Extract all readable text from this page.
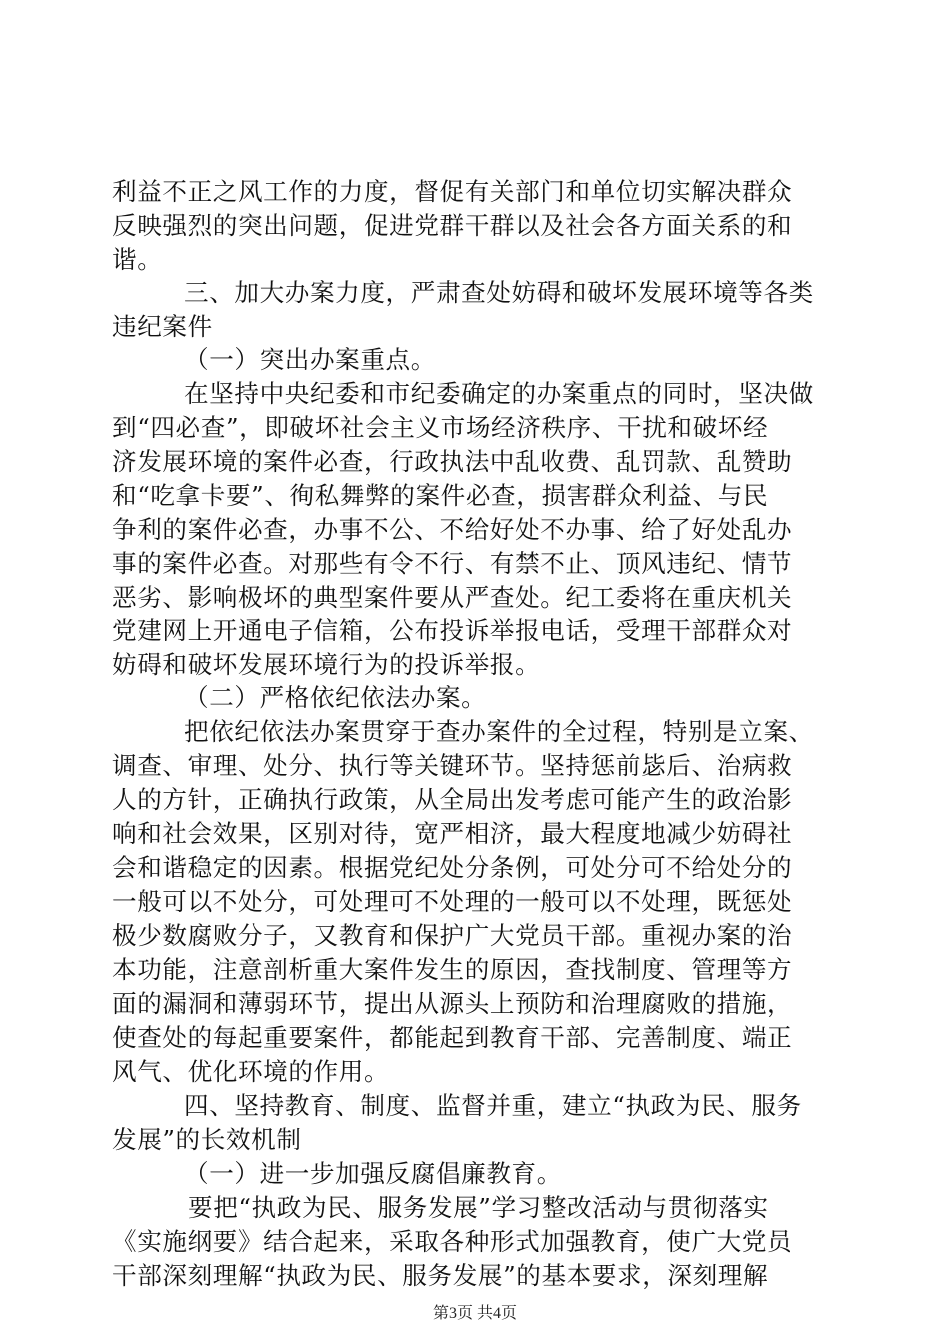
利益不正之风工作的力度，督促有关部门和单位切实解决群众
反映强烈的突出问题，促进党群干群以及社会各方面关系的和
谐。
三、加大办案力度，严肃查处妨碍和破坏发展环境等各类
违纪案件
（一）突出办案重点。
在坚持中央纪委和市纪委确定的办案重点的同时，坚决做
到“四必查”，即破坏社会主义市场经济秩序、干扰和破坏经
济发展环境的案件必查，行政执法中乱收费、乱罚款、乱赞助
和“吃拿卡要”、徇私舞弊的案件必查，损害群众利益、与民
争利的案件必查，办事不公、不给好处不办事、给了好处乱办
事的案件必查。对那些有令不行、有禁不止、顶风违纪、情节
恶劣、影响极坏的典型案件要从严查处。纪工委将在重庆机关
党建网上开通电子信箱，公布投诉举报电话，受理干部群众对
妨碍和破坏发展环境行为的投诉举报。
（二）严格依纪依法办案。
把依纪依法办案贯穿于查办案件的全过程，特别是立案、
调查、审理、处分、执行等关键环节。坚持惩前毖后、治病救
人的方针，正确执行政策，从全局出发考虑可能产生的政治影
响和社会效果，区别对待，宽严相济，最大程度地减少妨碍社
会和谐稳定的因素。根据党纪处分条例，可处分可不给处分的
一般可以不处分，可处理可不处理的一般可以不处理，既惩处
极少数腐败分子，又教育和保护广大党员干部。重视办案的治
本功能，注意剖析重大案件发生的原因，查找制度、管理等方
面的漏洞和薄弱环节，提出从源头上预防和治理腐败的措施，
使查处的每起重要案件，都能起到教育干部、完善制度、端正
风气、优化环境的作用。
四、坚持教育、制度、监督并重，建立“执政为民、服务
发展”的长效机制
（一）进一步加强反腐倡廉教育。
要把“执政为民、服务发展”学习整改活动与贯彻落实
《实施纲要》结合起来，采取各种形式加强教育，使广大党员
干部深刻理解“执政为民、服务发展”的基本要求，深刻理解
第3页 共4页
